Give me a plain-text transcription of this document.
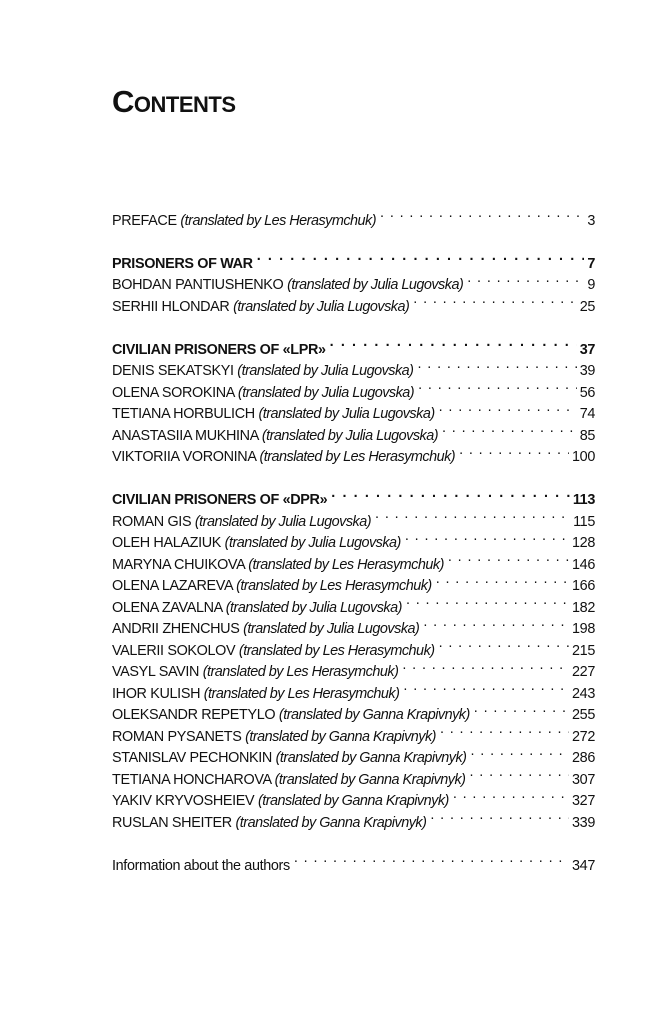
Contents
PREFACE (translated by Les Herasymchuk) . . .	3
PRISONERS OF WAR . . .	7
BOHDAN PANTIUSHENKO (translated by Julia Lugovska) . . .	9
SERHII HLONDAR (translated by Julia Lugovska) . . .	25
CIVILIAN PRISONERS OF «LPR» . . .	37
DENIS SEKATSKYI (translated by Julia Lugovska) . . .	39
OLENA SOROKINA (translated by Julia Lugovska) . . .	56
TETIANA HORBULICH (translated by Julia Lugovska) . . .	74
ANASTASIIA MUKHINA (translated by Julia Lugovska) . . .	85
VIKTORIIA VORONINA (translated by Les Herasymchuk) . . .	100
CIVILIAN PRISONERS OF «DPR» . . .	113
ROMAN GIS (translated by Julia Lugovska) . . .	115
OLEH HALAZIUK (translated by Julia Lugovska) . . .	128
MARYNA CHUIKOVA (translated by Les Herasymchuk) . . .	146
OLENA LAZAREVA (translated by Les Herasymchuk) . . .	166
OLENA ZAVALNA (translated by Julia Lugovska) . . .	182
ANDRII ZHENCHUS (translated by Julia Lugovska) . . .	198
VALERII SOKOLOV (translated by Les Herasymchuk) . . .	215
VASYL SAVIN (translated by Les Herasymchuk) . . .	227
IHOR KULISH (translated by Les Herasymchuk) . . .	243
OLEKSANDR REPETYLO (translated by Ganna Krapivnyk) . . .	255
ROMAN PYSANETS (translated by Ganna Krapivnyk) . . .	272
STANISLAV PECHONKIN (translated by Ganna Krapivnyk) . . .	286
TETIANA HONCHAROVA (translated by Ganna Krapivnyk) . . .	307
YAKIV KRYVOSHEIEV (translated by Ganna Krapivnyk) . . .	327
RUSLAN SHEITER (translated by Ganna Krapivnyk) . . .	339
Information about the authors . . .	347
